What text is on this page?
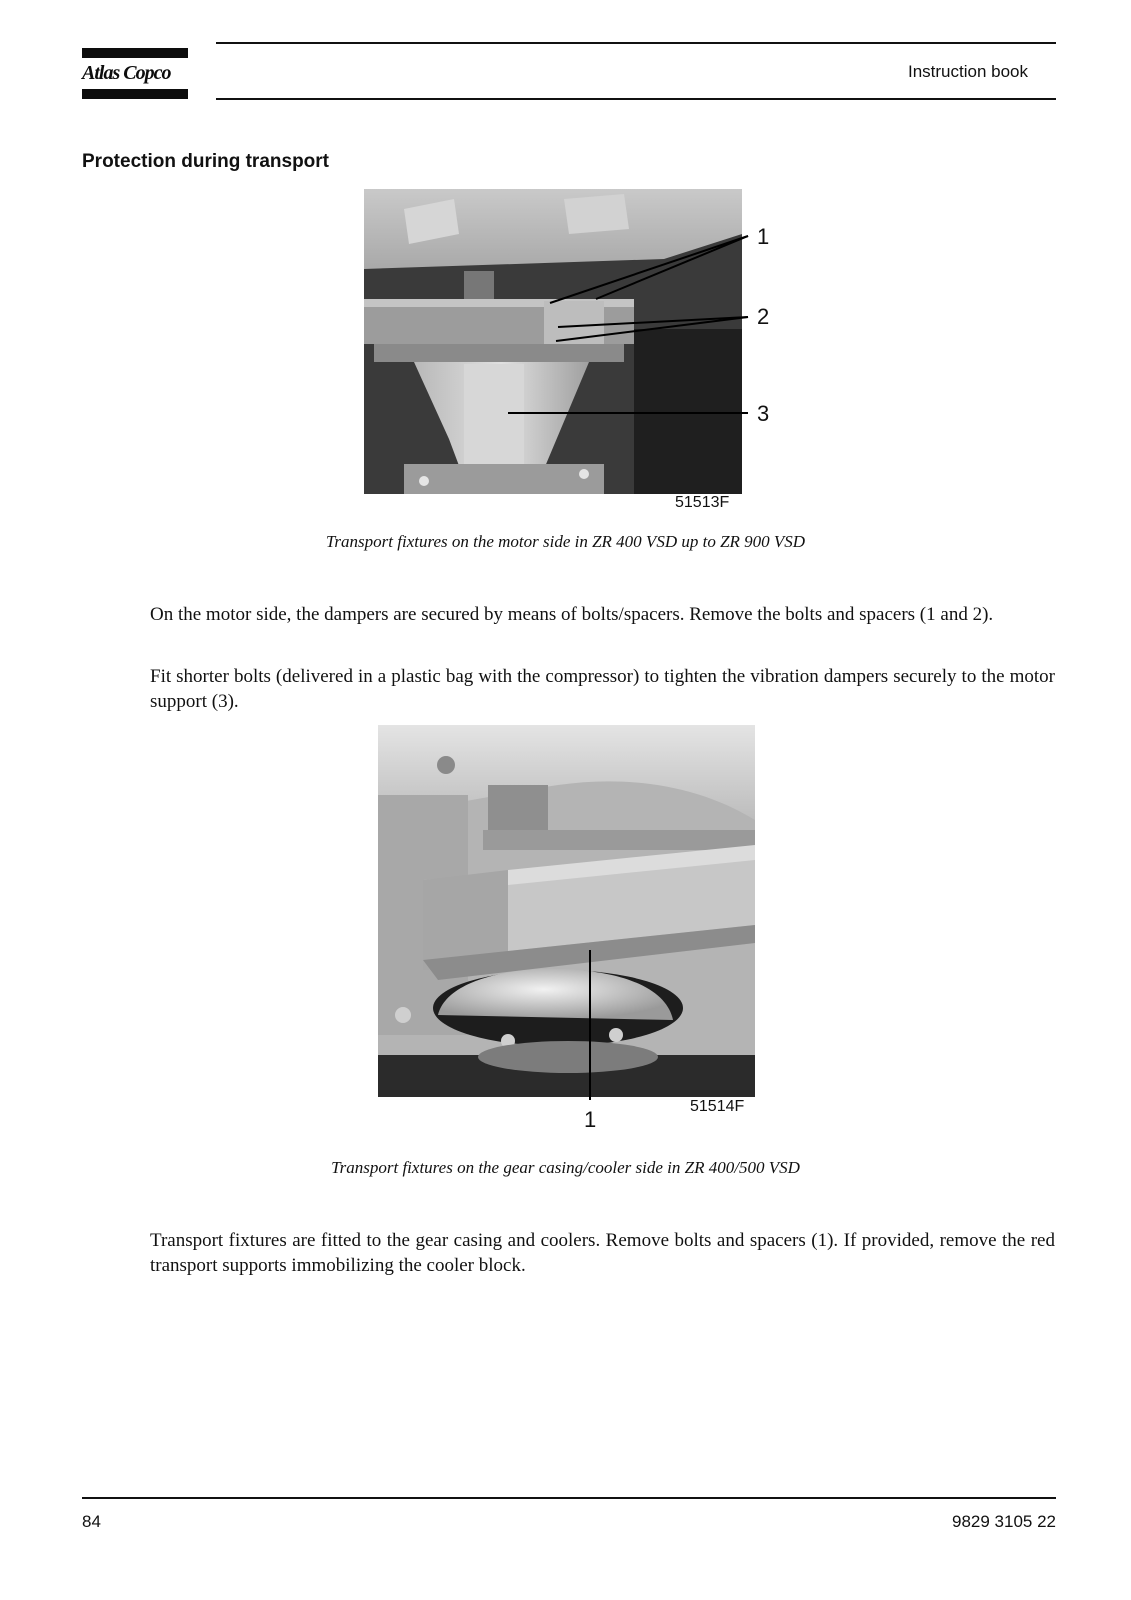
Atlas Copco	Instruction book
Protection during transport
1
2
3
51513F
Transport fixtures on the motor side in ZR 400 VSD up to ZR 900 VSD
On the motor side, the dampers are secured by means of bolts/spacers. Remove the bolts and spacers (1 and 2).
Fit shorter bolts (delivered in a plastic bag with the compressor) to tighten the vibration dampers securely to the motor support (3).
1
51514F
Transport fixtures on the gear casing/cooler side in ZR 400/500 VSD
Transport fixtures are fitted to the gear casing and coolers. Remove bolts and spacers (1). If provided, remove the red transport supports immobilizing the cooler block.
84	9829 3105 22
